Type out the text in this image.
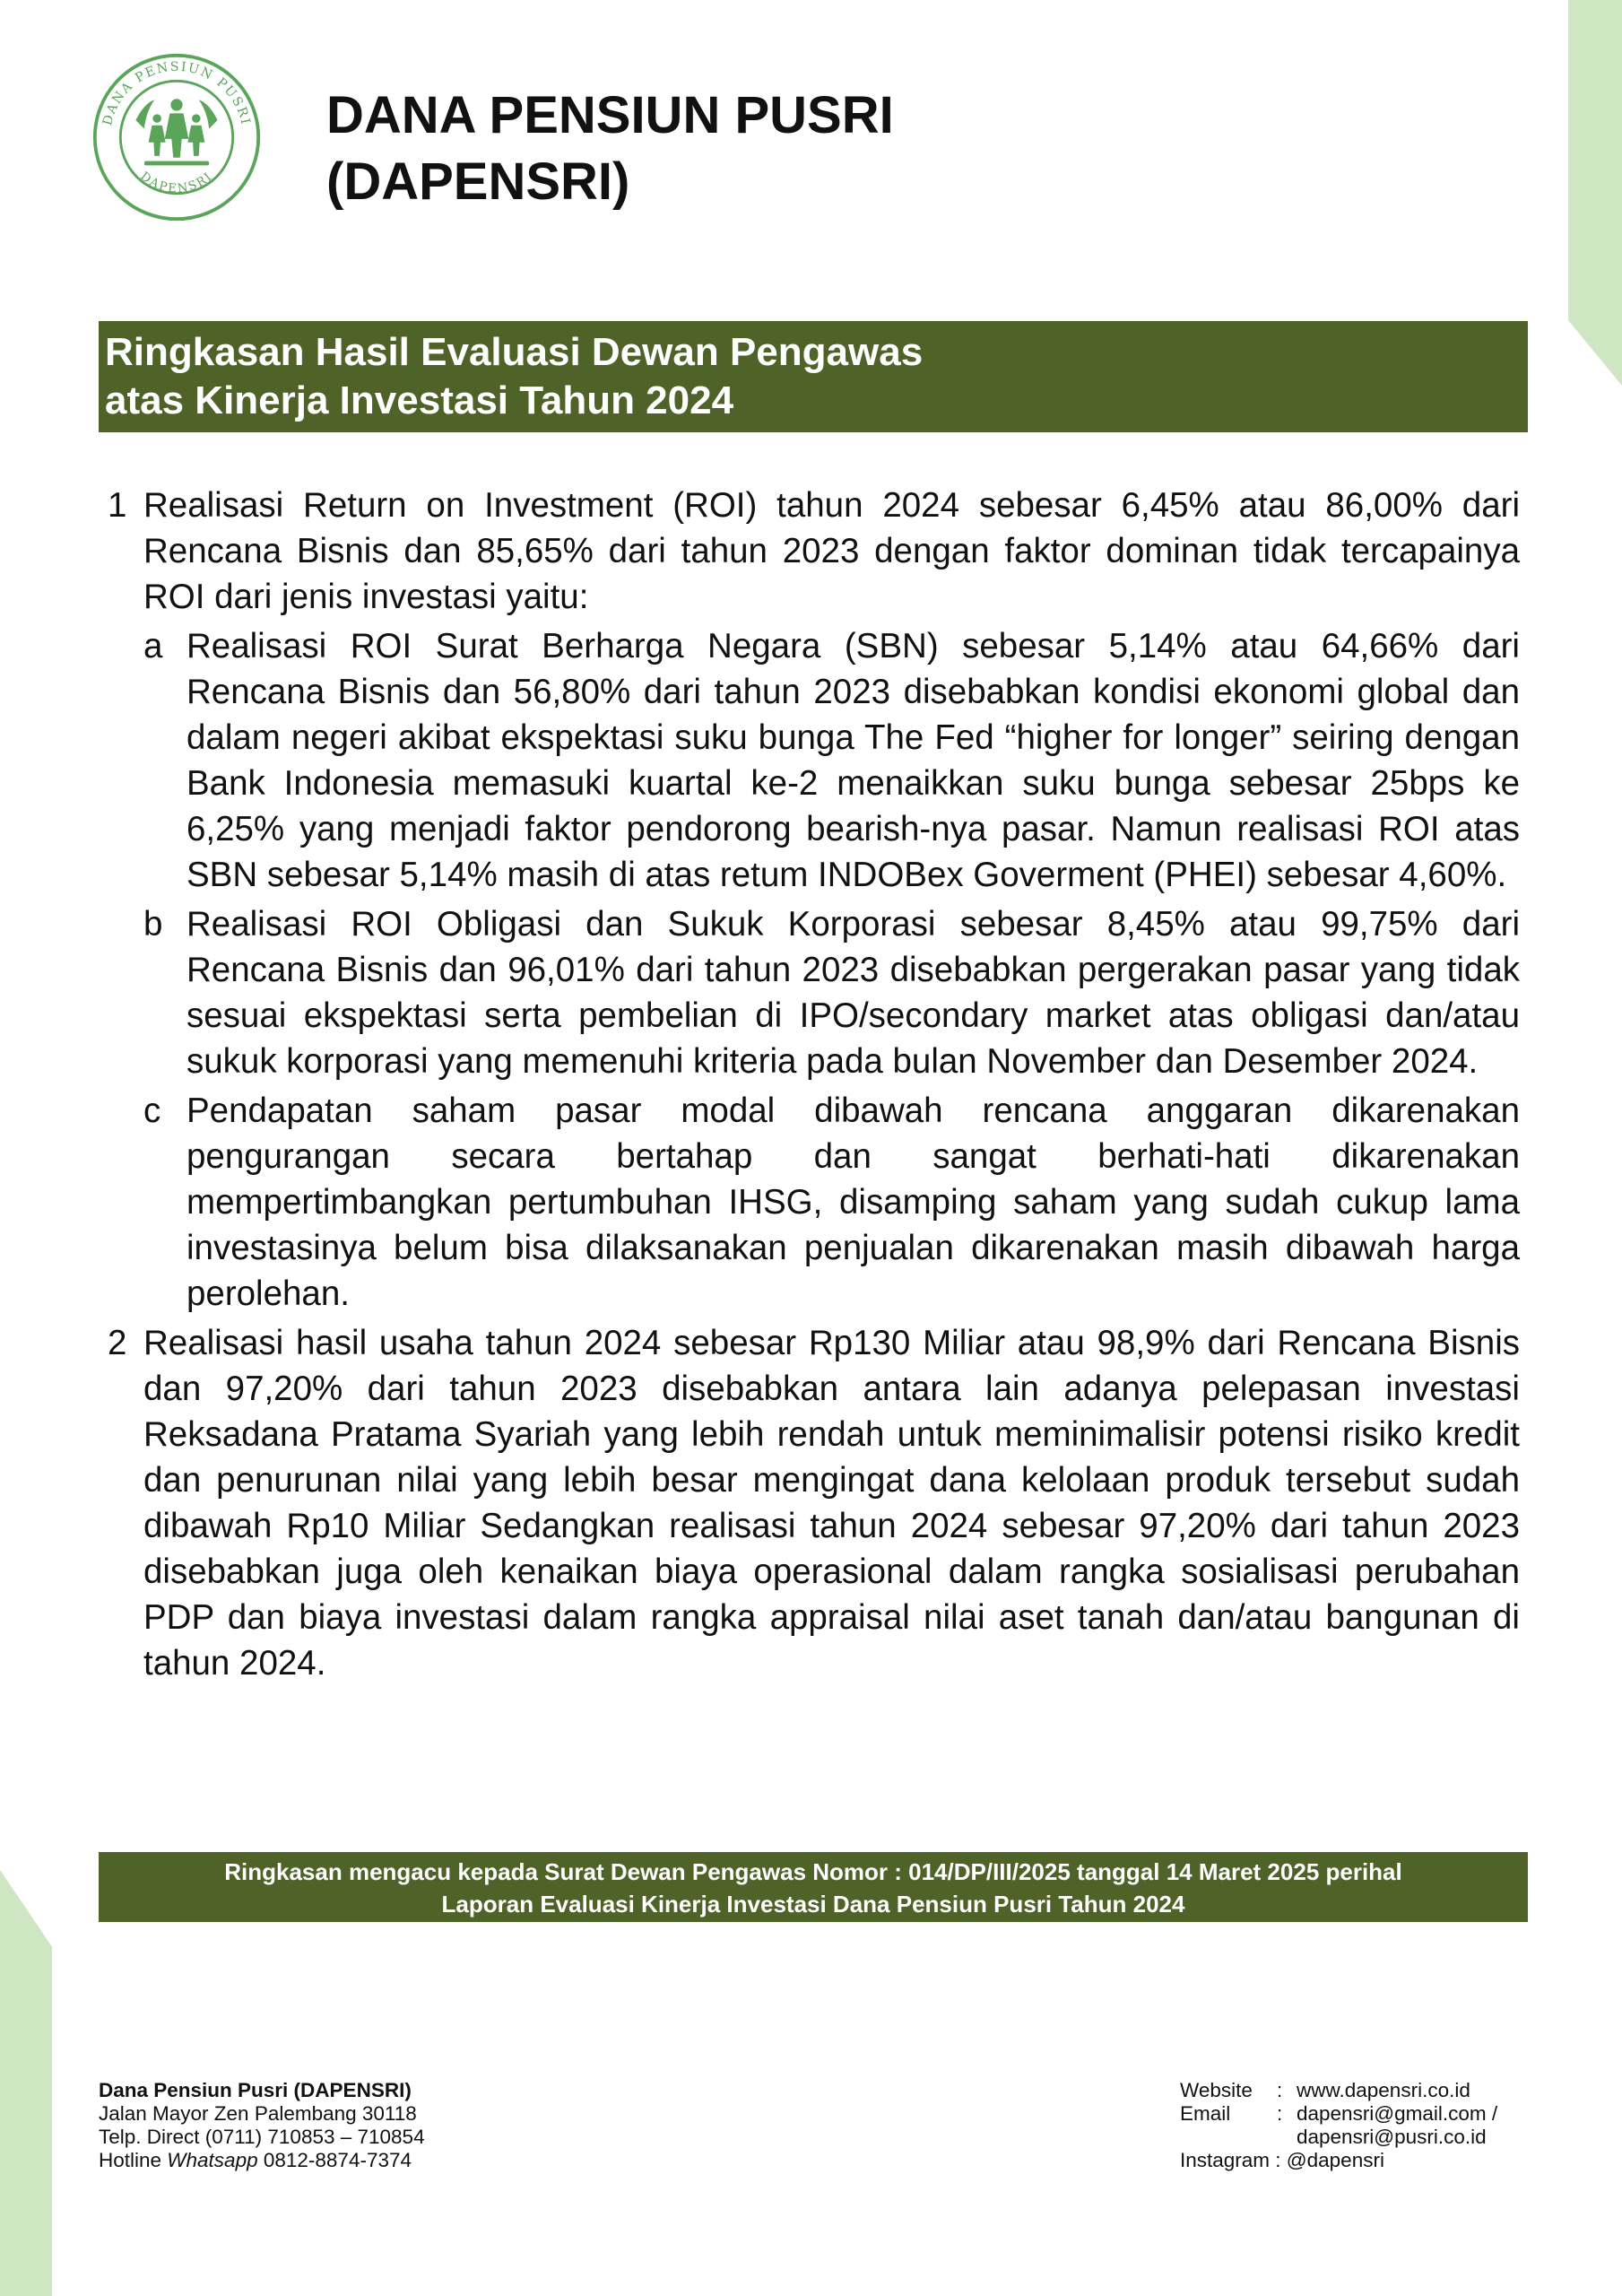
DANA PENSIUN PUSRI
DAPENSRI
DANA PENSIUN PUSRI
(DAPENSRI)
Ringkasan Hasil Evaluasi Dewan Pengawas
atas Kinerja Investasi Tahun 2024
1 Realisasi Return on Investment (ROI) tahun 2024 sebesar 6,45% atau 86,00% dari Rencana Bisnis dan 85,65% dari tahun 2023 dengan faktor dominan tidak tercapainya ROI dari jenis investasi yaitu:
a Realisasi ROI Surat Berharga Negara (SBN) sebesar 5,14% atau 64,66% dari Rencana Bisnis dan 56,80% dari tahun 2023 disebabkan kondisi ekonomi global dan dalam negeri akibat ekspektasi suku bunga The Fed “higher for longer” seiring dengan Bank Indonesia memasuki kuartal ke-2 menaikkan suku bunga sebesar 25bps ke 6,25% yang menjadi faktor pendorong bearish-nya pasar. Namun realisasi ROI atas SBN sebesar 5,14% masih di atas retum INDOBex Goverment (PHEI) sebesar 4,60%.
b Realisasi ROI Obligasi dan Sukuk Korporasi sebesar 8,45% atau 99,75% dari Rencana Bisnis dan 96,01% dari tahun 2023 disebabkan pergerakan pasar yang tidak sesuai ekspektasi serta pembelian di IPO/secondary market atas obligasi dan/atau sukuk korporasi yang memenuhi kriteria pada bulan November dan Desember 2024.
c Pendapatan saham pasar modal dibawah rencana anggaran dikarenakan pengurangan secara bertahap dan sangat berhati-hati dikarenakan mempertimbangkan pertumbuhan IHSG, disamping saham yang sudah cukup lama investasinya belum bisa dilaksanakan penjualan dikarenakan masih dibawah harga perolehan.
2 Realisasi hasil usaha tahun 2024 sebesar Rp130 Miliar atau 98,9% dari Rencana Bisnis dan 97,20% dari tahun 2023 disebabkan antara lain adanya pelepasan investasi Reksadana Pratama Syariah yang lebih rendah untuk meminimalisir potensi risiko kredit dan penurunan nilai yang lebih besar mengingat dana kelolaan produk tersebut sudah dibawah Rp10 Miliar Sedangkan realisasi tahun 2024 sebesar 97,20% dari tahun 2023 disebabkan juga oleh kenaikan biaya operasional dalam rangka sosialisasi perubahan PDP dan biaya investasi dalam rangka appraisal nilai aset tanah dan/atau bangunan di tahun 2024.
Ringkasan mengacu kepada Surat Dewan Pengawas Nomor : 014/DP/III/2025 tanggal 14 Maret 2025 perihal
Laporan Evaluasi Kinerja Investasi Dana Pensiun Pusri Tahun 2024
Dana Pensiun Pusri (DAPENSRI)
Jalan Mayor Zen Palembang 30118
Telp. Direct (0711) 710853 – 710854
Hotline Whatsapp 0812-8874-7374
Website	: www.dapensri.co.id
Email	: dapensri@gmail.com /
dapensri@pusri.co.id
Instagram : @dapensri
